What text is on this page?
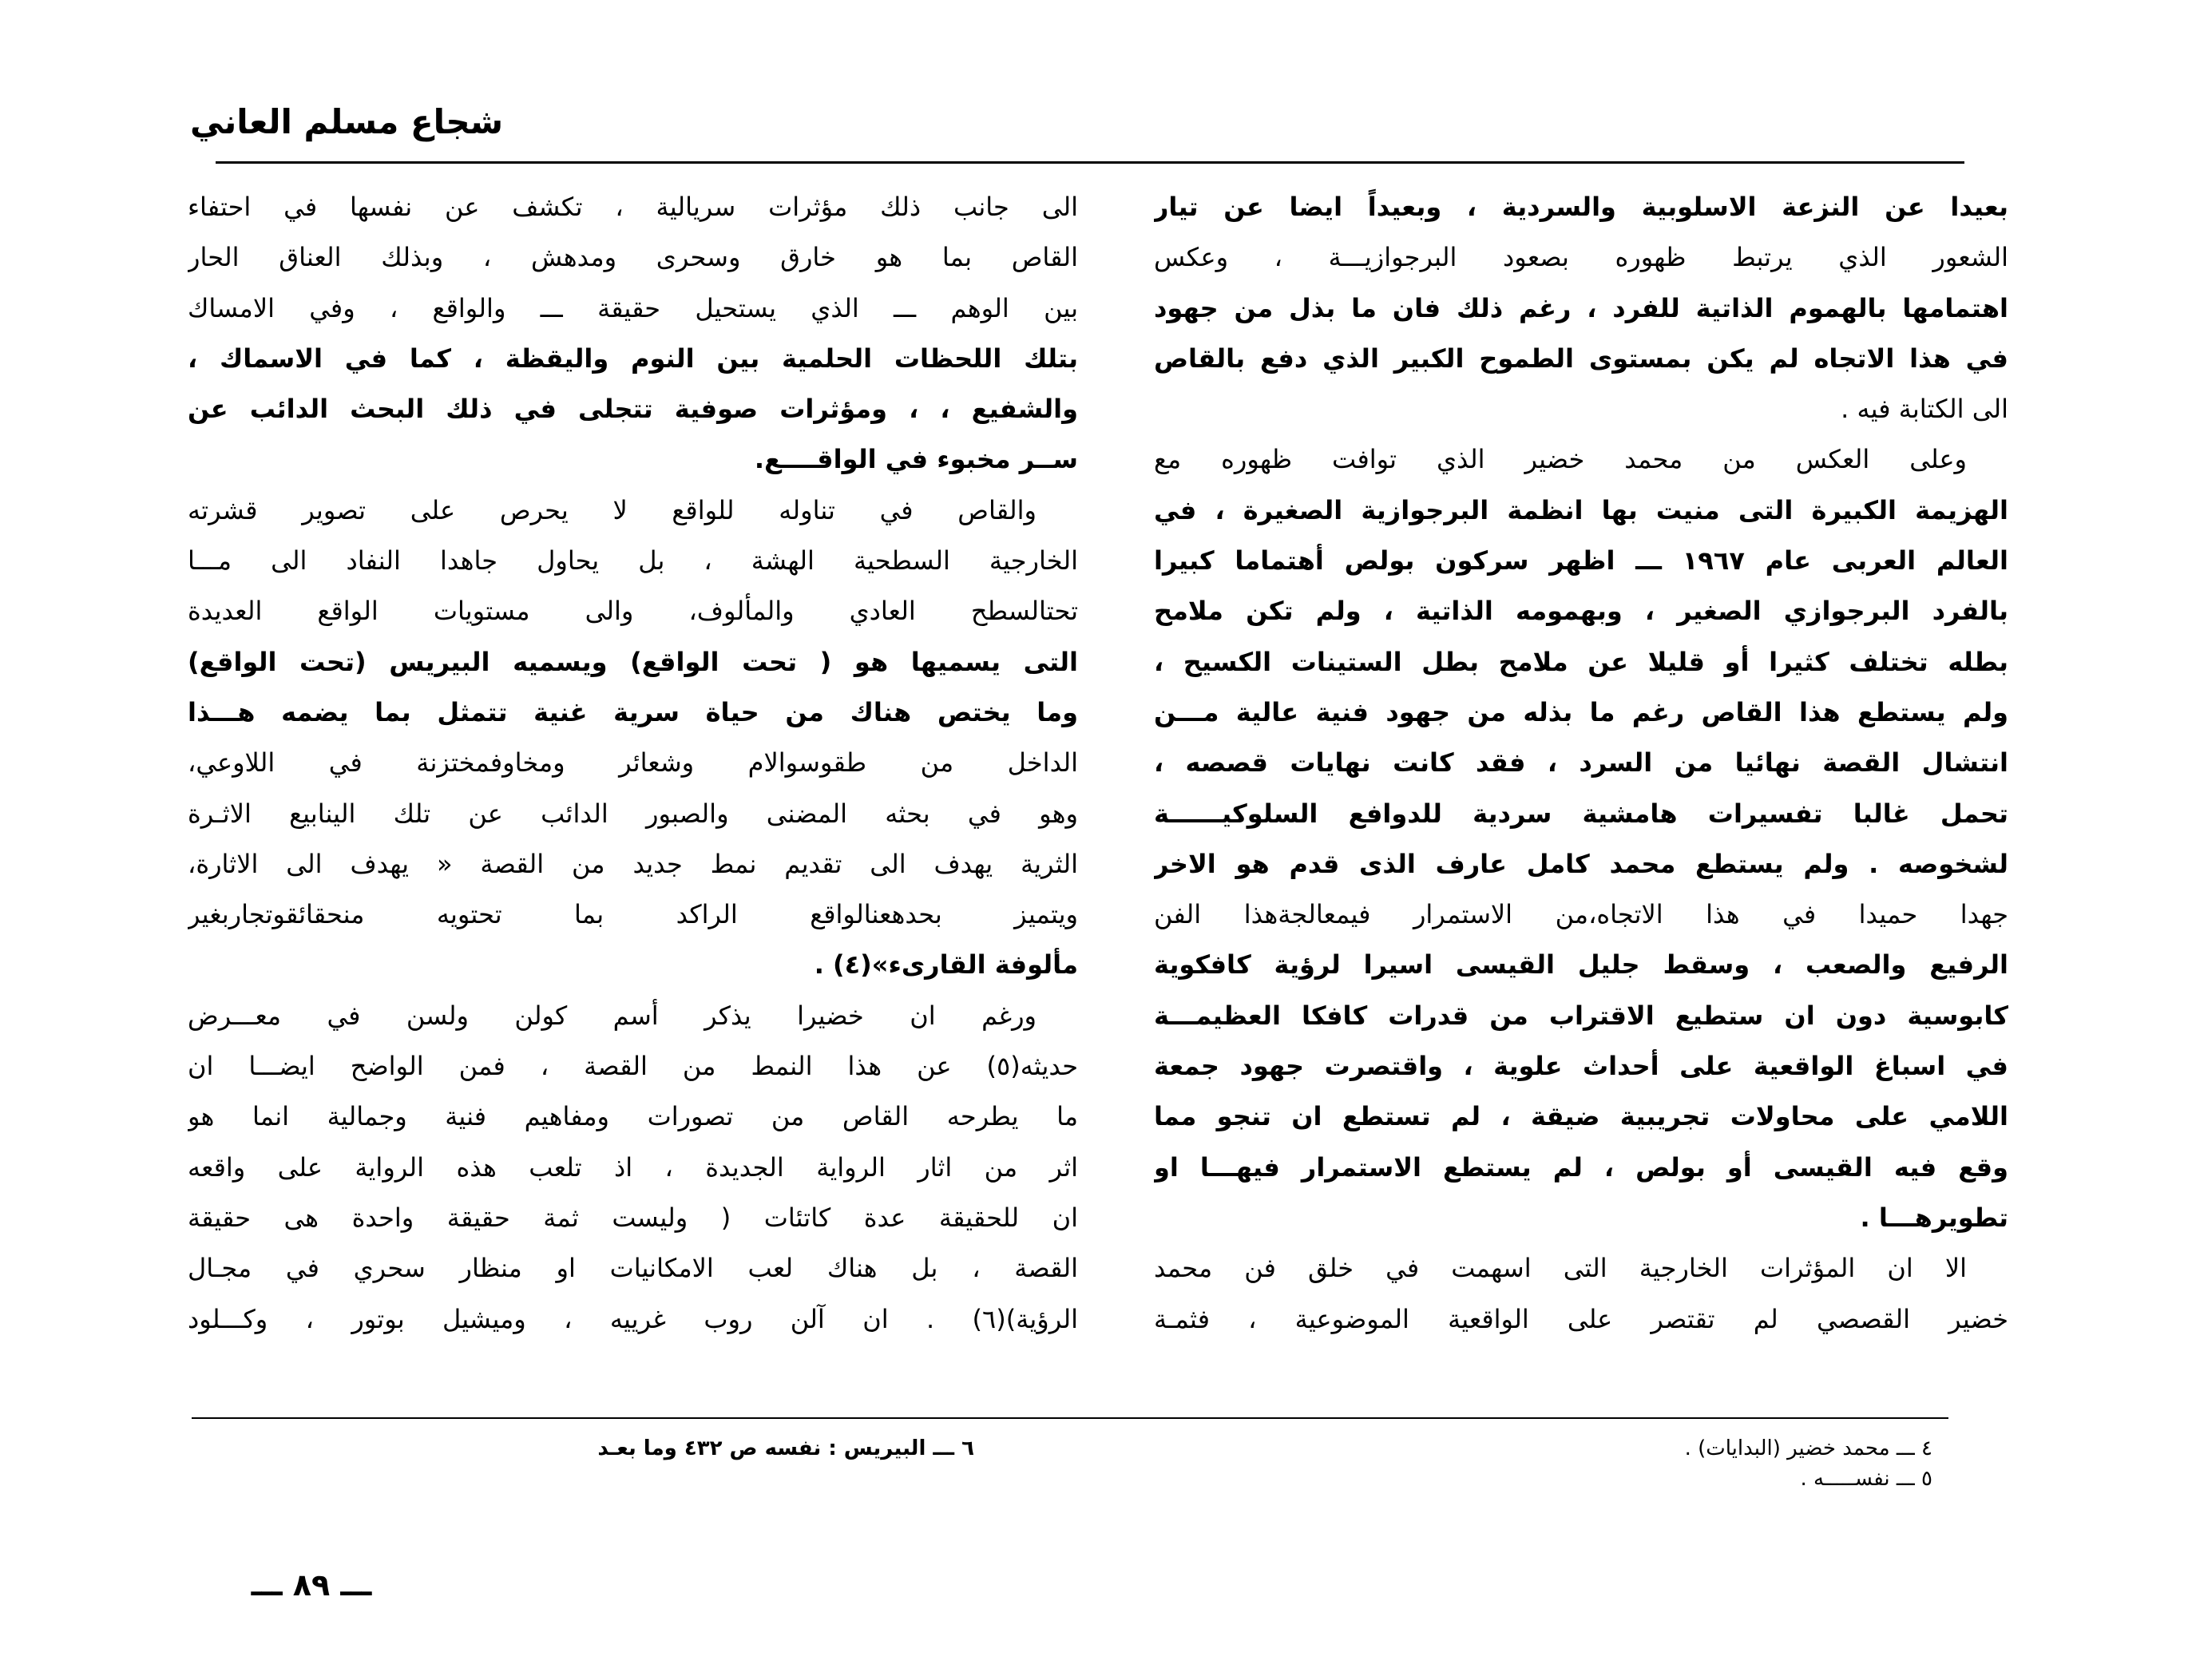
شجاع مسلم العاني
بعيدا عن النزعة الاسلوبية والسردية ، وبعيداً ايضا عن تيار
الشعور الذي يرتبط ظهوره بصعود البرجوازيـــة ، وعكس
اهتمامها بالهموم الذاتية للفرد ، رغم ذلك فان ما بذل من جهود
في هذا الاتجاه لم يكن بمستوى الطموح الكبير الذي دفع بالقاص
الى الكتابة فيه .
وعلى العكس من محمد خضير الذي توافت ظهوره مع
الهزيمة الكبيرة التى منيت بها انظمة البرجوازية الصغيرة ، في
العالم العربى عام ١٩٦٧ ـــ اظهر سركون بولص أهتماما كبيرا
بالفرد البرجوازي الصغير ، وبهمومه الذاتية ، ولم تكن ملامح
بطله تختلف كثيرا أو قليلا عن ملامح بطل الستينات الكسيح ،
ولم يستطع هذا القاص رغم ما بذله من جهود فنية عالية مـــن
انتشال القصة نهائيا من السرد ، فقد كانت نهايات قصصه ،
تحمل غالبا تفسيرات هامشية سردية للدوافع السلوكيــــــة
لشخوصه . ولم يستطع محمد كامل عارف الذى قدم هو الاخر
جهدا حميدا في هذا الاتجاه،من الاستمرار فيمعالجةهذا الفن
الرفيع والصعب ، وسقط جليل القيسى اسيرا لرؤية كافكوية
كابوسية دون ان ستطيع الاقتراب من قدرات كافكا العظيمـــة
في اسباغ الواقعية على أحداث علوية ، واقتصرت جهود جمعة
اللامي على محاولات تجريبية ضيقة ، لم تستطع ان تنجو مما
وقع فيه القيسى أو بولص ، لم يستطع الاستمرار فيهـــا او
تطويرهـــا .
الا ان المؤثرات الخارجية التى اسهمت في خلق فن محمد
خضير القصصي لم تقتصر على الواقعية الموضوعية ، فثمـة
الى جانب ذلك مؤثرات سريالية ، تكشف عن نفسها في احتفاء
القاص بما هو خارق وسحرى ومدهش ، وبذلك العناق الحار
بين الوهم ـــ الذي يستحيل حقيقة ـــ والواقع ، وفي الامساك
بتلك اللحظات الحلمية بين النوم واليقظة ، كما في الاسماك ،
والشفيع ، ، ومؤثرات صوفية تتجلى في ذلك البحث الدائب عن
ســر مخبوء في الواقــــع.
والقاص في تناوله للواقع لا يحرص على تصوير قشرته
الخارجية السطحية الهشة ، بل يحاول جاهدا النفاد الى مـــا
تحتالسطح العادي والمألوف، والى مستويات الواقع العديدة
التى يسميها هو ( تحت الواقع) ويسميه البيريس (تحت الواقع)
وما يختص هناك من حياة سرية غنية تتمثل بما يضمه هـــذا
الداخل من طقوسوالام وشعائر ومخاوفمختزنة في اللاوعي،
وهو في بحثه المضنى والصبور الدائب عن تلك الينابيع الاثـرة
الثرية يهدف الى تقديم نمط جديد من القصة « يهدف الى الاثارة،
ويتميز بحدهعنالواقع الراكد بما تحتويه منحقائقوتجاربغير
مألوفة القارىء»(٤) .
ورغم ان خضيرا يذكر أسم كولن ولسن في معـــرض
حديثه(٥) عن هذا النمط من القصة ، فمن الواضح ايضـــا ان
ما يطرحه القاص من تصورات ومفاهيم فنية وجمالية انما هو
اثر من اثار الرواية الجديدة ، اذ تلعب هذه الرواية على واقعه
ان للحقيقة عدة كاتئات ( وليست ثمة حقيقة واحدة هى حقيقة
القصة ، بل هناك لعب الامكانيات او منظار سحري في مجـال
الرؤية)(٦) . ان آلن روب غرييه ، وميشيل بوتور ، وكـــلود
٤ ـــ محمد خضير (البدايات) .
٥ ـــ نفســـــه .
٦ ـــ البيريس : نفسه ص ٤٣٢ وما بعـد
ـــ ٨٩ ـــ
